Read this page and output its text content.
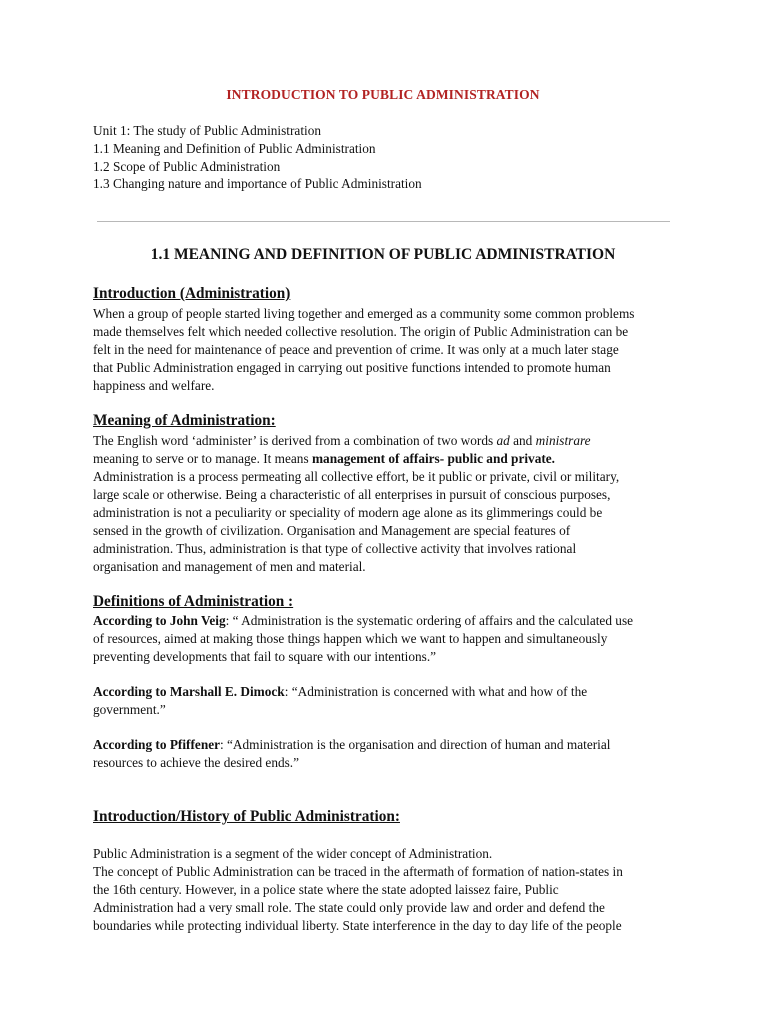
INTRODUCTION TO PUBLIC ADMINISTRATION
Unit 1: The study of Public Administration
1.1 Meaning and Definition of Public Administration
1.2 Scope of Public Administration
1.3 Changing nature and importance of Public Administration
1.1 MEANING AND DEFINITION OF PUBLIC ADMINISTRATION
Introduction (Administration)
When a group of people started living together and emerged as a community some common problems
made themselves felt which needed collective resolution. The origin of Public Administration can be
felt in the need for maintenance of peace and prevention of crime. It was only at a much later stage
that Public Administration engaged in carrying out positive functions intended to promote human
happiness and welfare.
Meaning of Administration:
The English word ‘administer’ is derived from a combination of two words ad and ministrare
meaning to serve or to manage. It means management of affairs- public and private.
Administration is a process permeating all collective effort, be it public or private, civil or military,
large scale or otherwise. Being a characteristic of all enterprises in pursuit of conscious purposes,
administration is not a peculiarity or speciality of modern age alone as its glimmerings could be
sensed in the growth of civilization. Organisation and Management are special features of
administration. Thus, administration is that type of collective activity that involves rational
organisation and management of men and material.
Definitions of Administration :
According to John Veig: “ Administration is the systematic ordering of affairs and the calculated use
of resources, aimed at making those things happen which we want to happen and simultaneously
preventing developments that fail to square with our intentions.”
According to Marshall E. Dimock: “Administration is concerned with what and how of the
government.”
According to Pfiffener: “Administration is the organisation and direction of human and material
resources to achieve the desired ends.”
Introduction/History of Public Administration:
Public Administration is a segment of the wider concept of Administration.
The concept of Public Administration can be traced in the aftermath of formation of nation-states in
the 16th century. However, in a police state where the state adopted laissez faire, Public
Administration had a very small role. The state could only provide law and order and defend the
boundaries while protecting individual liberty. State interference in the day to day life of the people
